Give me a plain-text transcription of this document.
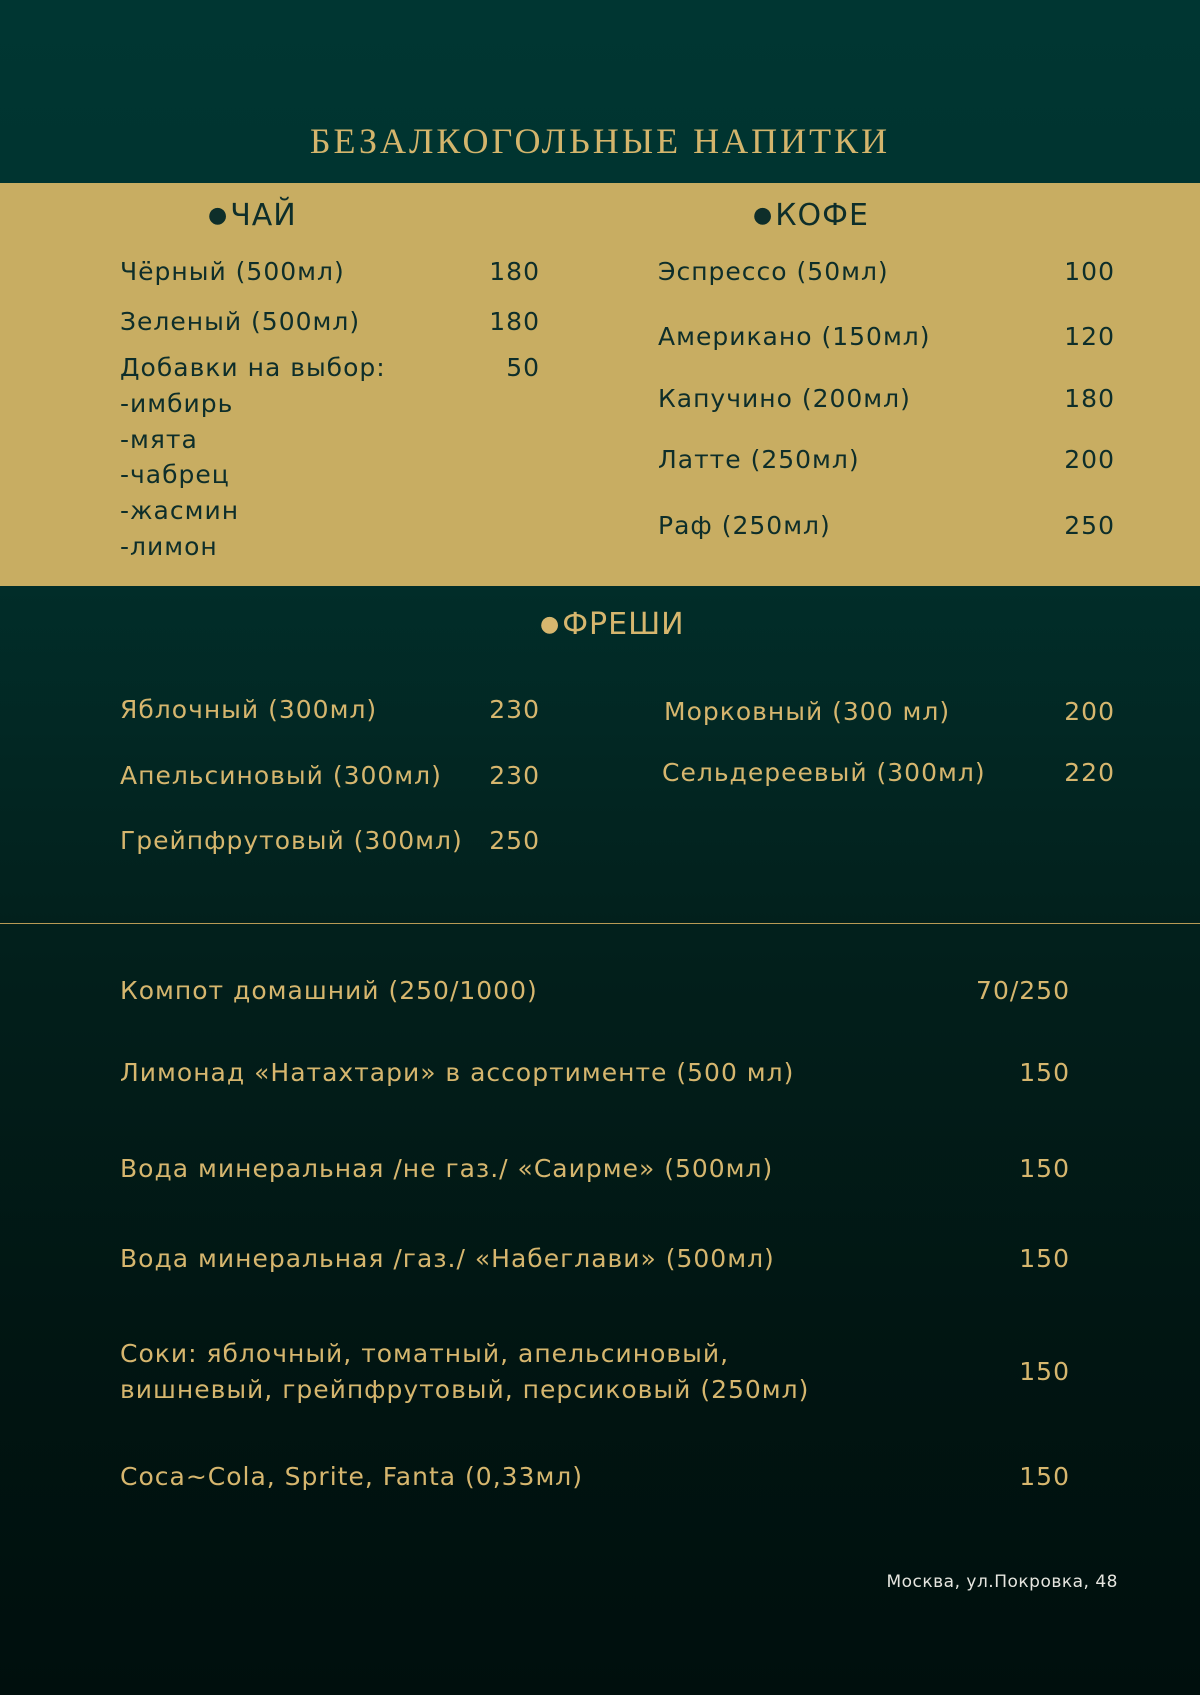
БЕЗАЛКОГОЛЬНЫЕ НАПИТКИ
●ЧАЙ
Чёрный (500мл)	180
Зеленый (500мл)	180
Добавки на выбор:	50
-имбирь
-мята
-чабрец
-жасмин
-лимон
●КОФЕ
Эспрессо (50мл)	100
Американо (150мл)	120
Капучино (200мл)	180
Латте (250мл)	200
Раф (250мл)	250
●ФРЕШИ
Яблочный (300мл)	230
Апельсиновый (300мл)	230
Грейпфрутовый (300мл)	250
Морковный (300 мл)	200
Сельдереевый (300мл)	220
Компот домашний (250/1000)	70/250
Лимонад «Натахтари» в ассортименте (500 мл)	150
Вода минеральная /не газ./ «Саирме» (500мл)	150
Вода минеральная /газ./ «Набеглави» (500мл)	150
Соки: яблочный, томатный, апельсиновый,
вишневый, грейпфрутовый, персиковый (250мл)
150
Coca~Cola, Sprite, Fanta (0,33мл)	150
Москва, ул.Покровка, 48
